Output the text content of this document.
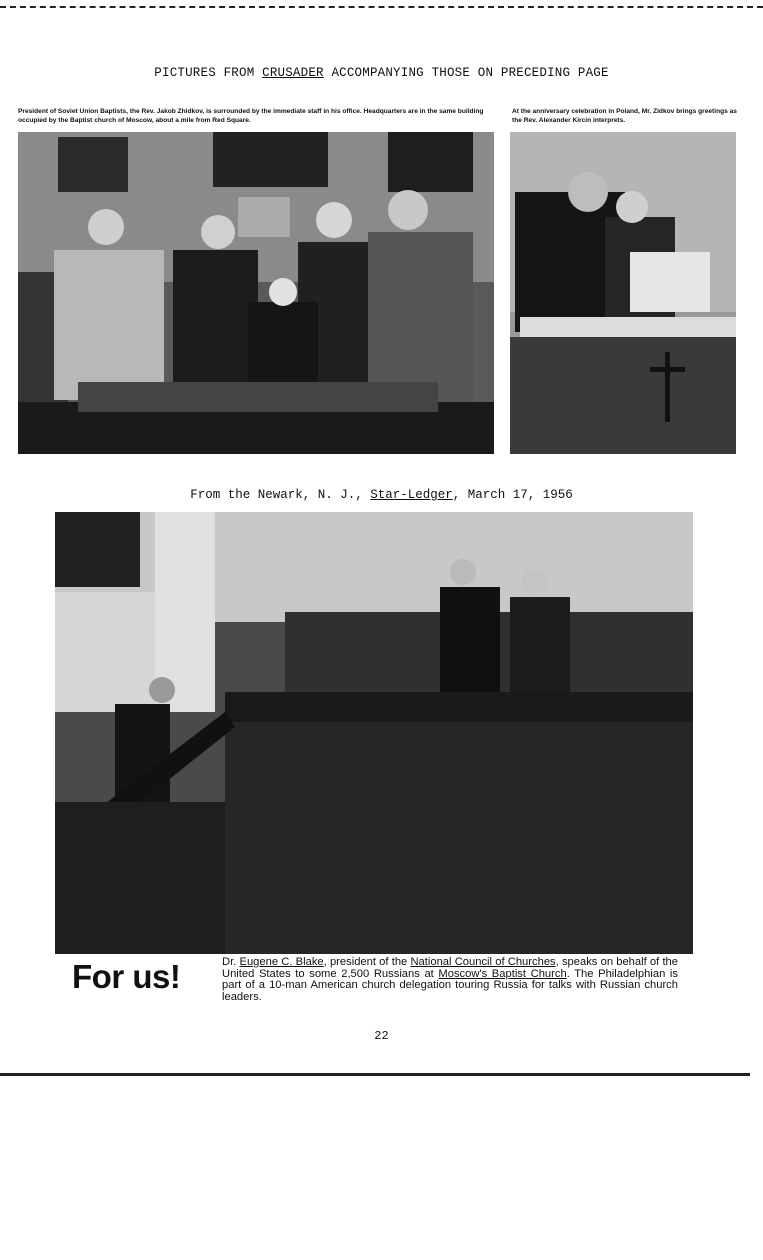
PICTURES FROM CRUSADER ACCOMPANYING THOSE ON PRECEDING PAGE
President of Soviet Union Baptists, the Rev. Jakob Zhidkov, is surrounded by the immediate staff in his office. Headquarters are in the same building occupied by the Baptist church of Moscow, about a mile from Red Square.
At the anniversary celebration in Poland, Mr. Zidkov brings greetings as the Rev. Alexander Kircin interprets.
From the Newark, N. J., Star-Ledger, March 17, 1956
For us!	Dr. Eugene C. Blake, president of the National Council of Churches, speaks on behalf of the United States to some 2,500 Russians at Moscow's Baptist Church. The Philadelphian is part of a 10-man American church delegation touring Russia for talks with Russian church leaders.
22
